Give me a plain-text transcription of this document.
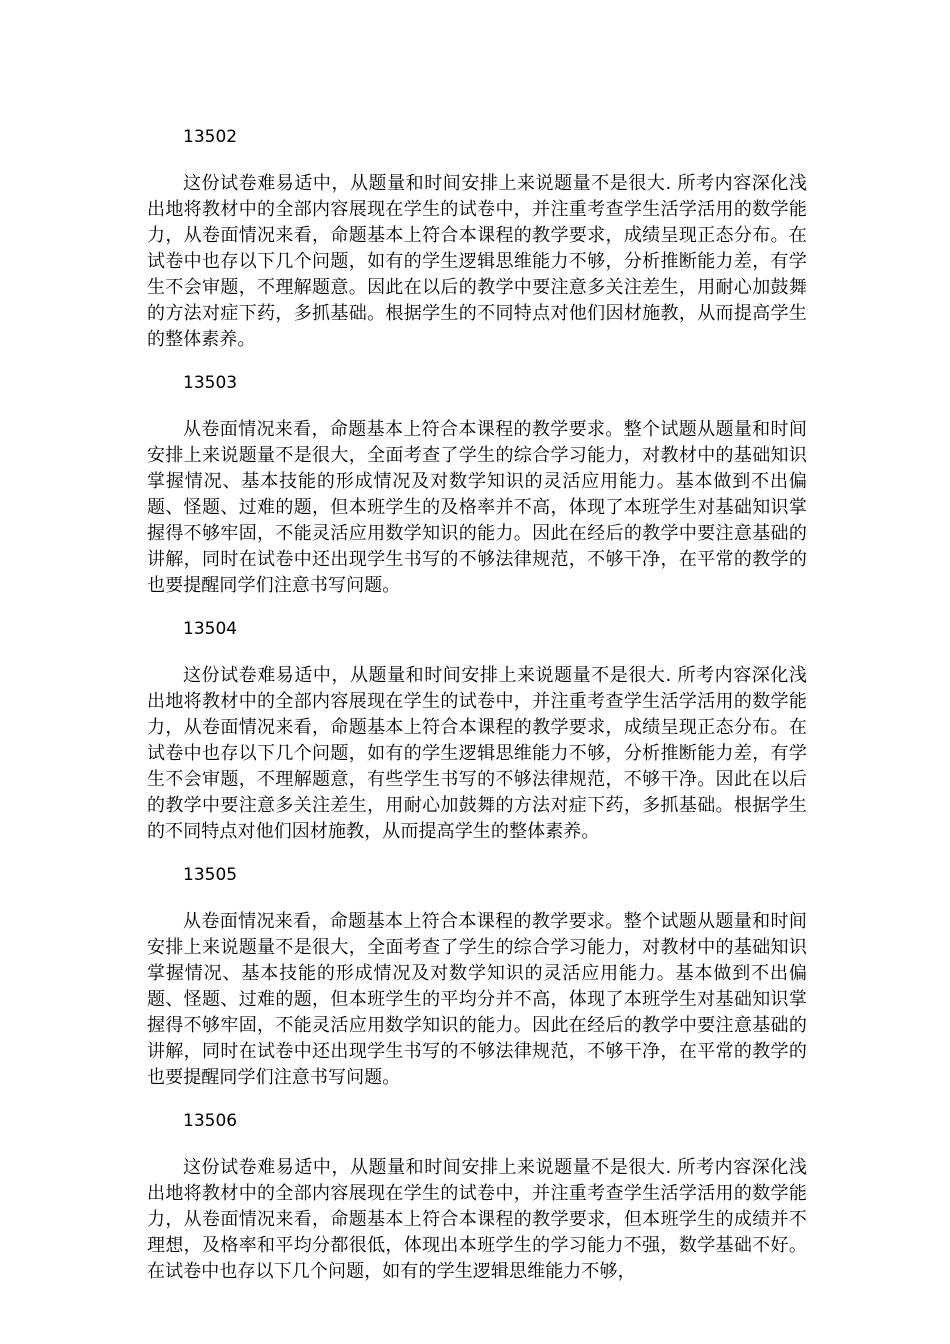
13502

这份试卷难易适中，从题量和时间安排上来说题量不是很大. 所考内容深化浅出地将教材中的全部内容展现在学生的试卷中，并注重考查学生活学活用的数学能力，从卷面情况来看，命题基本上符合本课程的教学要求，成绩呈现正态分布。在试卷中也存以下几个问题，如有的学生逻辑思维能力不够，分析推断能力差，有学生不会审题，不理解题意。因此在以后的教学中要注意多关注差生，用耐心加鼓舞的方法对症下药，多抓基础。根据学生的不同特点对他们因材施教，从而提高学生的整体素养。

13503

从卷面情况来看，命题基本上符合本课程的教学要求。整个试题从题量和时间安排上来说题量不是很大，全面考查了学生的综合学习能力，对教材中的基础知识掌握情况、基本技能的形成情况及对数学知识的灵活应用能力。基本做到不出偏题、怪题、过难的题，但本班学生的及格率并不高，体现了本班学生对基础知识掌握得不够牢固，不能灵活应用数学知识的能力。因此在经后的教学中要注意基础的讲解，同时在试卷中还出现学生书写的不够法律规范，不够干净，在平常的教学的也要提醒同学们注意书写问题。

13504

这份试卷难易适中，从题量和时间安排上来说题量不是很大. 所考内容深化浅出地将教材中的全部内容展现在学生的试卷中，并注重考查学生活学活用的数学能力，从卷面情况来看，命题基本上符合本课程的教学要求，成绩呈现正态分布。在试卷中也存以下几个问题，如有的学生逻辑思维能力不够，分析推断能力差，有学生不会审题，不理解题意，有些学生书写的不够法律规范，不够干净。因此在以后的教学中要注意多关注差生，用耐心加鼓舞的方法对症下药，多抓基础。根据学生的不同特点对他们因材施教，从而提高学生的整体素养。

13505

从卷面情况来看，命题基本上符合本课程的教学要求。整个试题从题量和时间安排上来说题量不是很大，全面考查了学生的综合学习能力，对教材中的基础知识掌握情况、基本技能的形成情况及对数学知识的灵活应用能力。基本做到不出偏题、怪题、过难的题，但本班学生的平均分并不高，体现了本班学生对基础知识掌握得不够牢固，不能灵活应用数学知识的能力。因此在经后的教学中要注意基础的讲解，同时在试卷中还出现学生书写的不够法律规范，不够干净，在平常的教学的也要提醒同学们注意书写问题。

13506

这份试卷难易适中，从题量和时间安排上来说题量不是很大. 所考内容深化浅出地将教材中的全部内容展现在学生的试卷中，并注重考查学生活学活用的数学能力，从卷面情况来看，命题基本上符合本课程的教学要求，但本班学生的成绩并不理想，及格率和平均分都很低，体现出本班学生的学习能力不强，数学基础不好。在试卷中也存以下几个问题，如有的学生逻辑思维能力不够，
